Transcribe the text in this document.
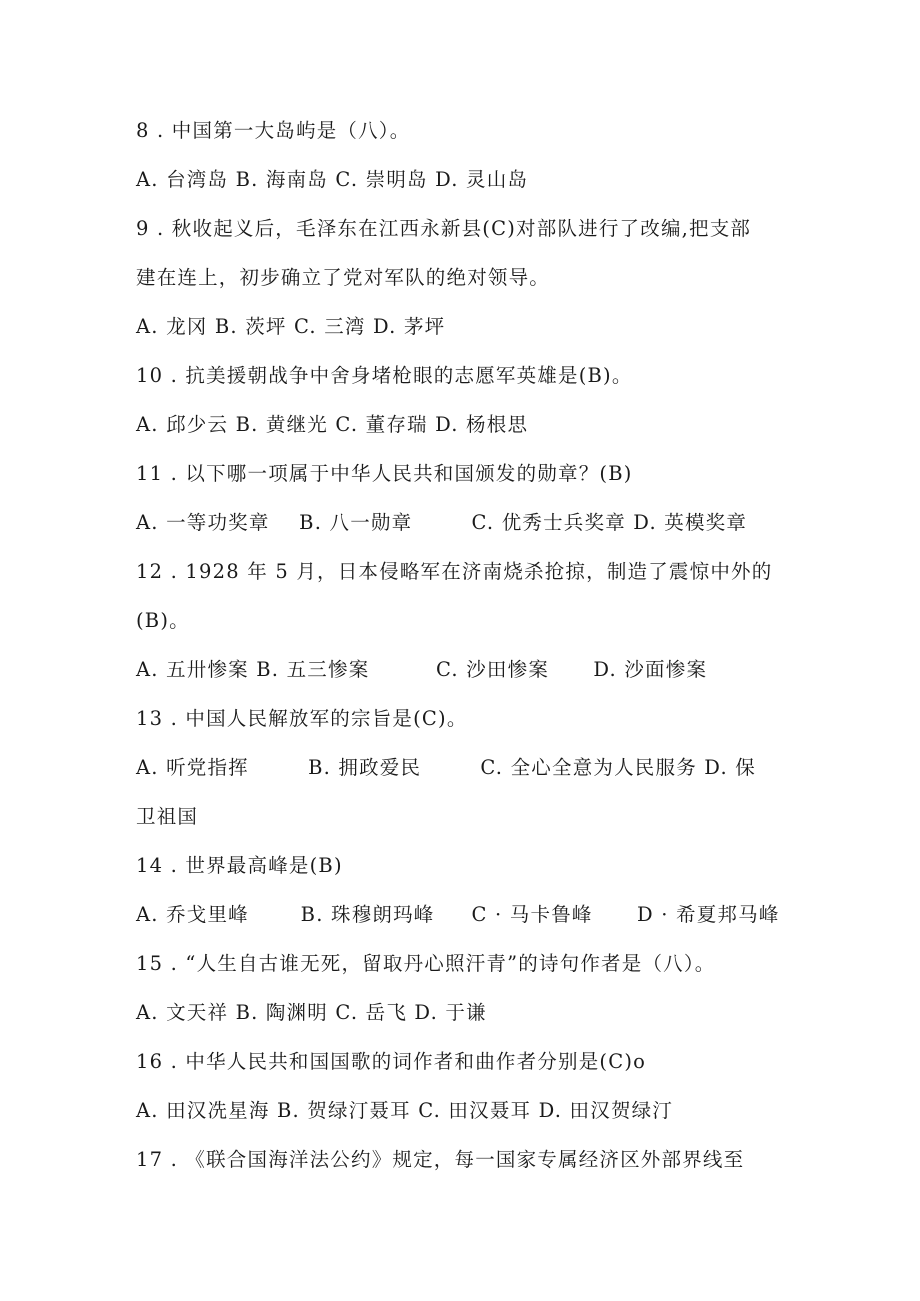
8 . 中国第一大岛屿是（八）。
A. 台湾岛 B. 海南岛 C. 崇明岛 D. 灵山岛
9 . 秋收起义后，毛泽东在江西永新县(C)对部队进行了改编,把支部
建在连上，初步确立了党对军队的绝对领导。
A. 龙冈 B. 茨坪 C. 三湾 D. 茅坪
10 . 抗美援朝战争中舍身堵枪眼的志愿军英雄是(B)。
A. 邱少云 B. 黄继光 C. 董存瑞 D. 杨根思
11 . 以下哪一项属于中华人民共和国颁发的勋章？(B)
A. 一等功奖章    B. 八一勋章        C. 优秀士兵奖章 D. 英模奖章
12 . 1928 年 5 月，日本侵略军在济南烧杀抢掠，制造了震惊中外的
(B)。
A. 五卅惨案 B. 五三惨案         C. 沙田惨案      D. 沙面惨案
13 . 中国人民解放军的宗旨是(C)。
A. 听党指挥        B. 拥政爱民        C. 全心全意为人民服务 D. 保
卫祖国
14 . 世界最高峰是(B)
A. 乔戈里峰       B. 珠穆朗玛峰     C · 马卡鲁峰      D · 希夏邦马峰
15 . “人生自古谁无死，留取丹心照汗青”的诗句作者是（八）。
A. 文天祥 B. 陶渊明 C. 岳飞 D. 于谦
16 . 中华人民共和国国歌的词作者和曲作者分别是(C)o
A. 田汉冼星海 B. 贺绿汀聂耳 C. 田汉聂耳 D. 田汉贺绿汀
17 . 《联合国海洋法公约》规定，每一国家专属经济区外部界线至
